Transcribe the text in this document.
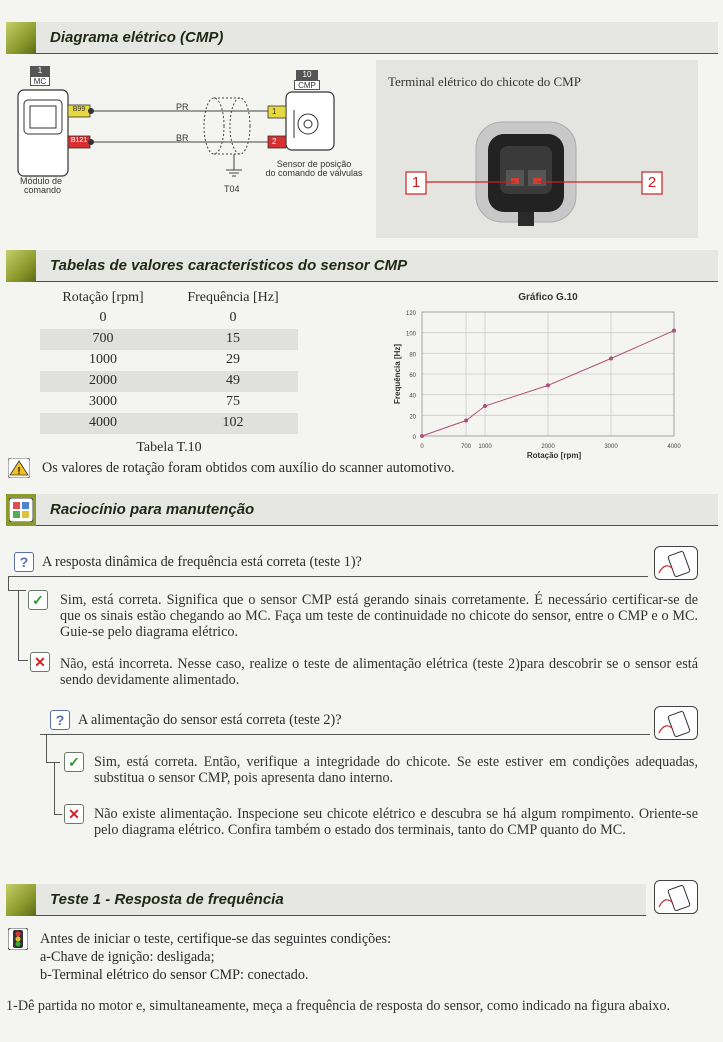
Diagrama elétrico (CMP)
1
MC
10
CMP
B99
B121
PR
BR
1
2
T04
Módulo de
comando
Sensor de posição
do comando de válvulas
Terminal elétrico do chicote do CMP
1	2
Tabelas de valores característicos do sensor CMP
Rotação [rpm]	Frequência [Hz]
0	0
700	15
1000	29
2000	49
3000	75
4000	102
Tabela T.10
Gráfico G.10
0
20
40
60
80
100
120
0	700 1000	2000	3000	4000
Rotação [rpm]
Frequência [Hz]
! Os valores de rotação foram obtidos com auxílio do scanner automotivo.
Raciocínio para manutenção
? A resposta dinâmica de frequência está correta (teste 1)?
✓ Sim, está correta. Significa que o sensor CMP está gerando sinais corretamente. É necessário certificar-se de que os sinais estão chegando ao MC. Faça um teste de continuidade no chicote do sensor, entre o CMP e o MC. Guie-se pelo diagrama elétrico.
✕ Não, está incorreta. Nesse caso, realize o teste de alimentação elétrica (teste 2)para descobrir se o sensor está sendo devidamente alimentado.
? A alimentação do sensor está correta (teste 2)?
✓ Sim, está correta. Então, verifique a integridade do chicote. Se este estiver em condições adequadas, substitua o sensor CMP, pois apresenta dano interno.
✕ Não existe alimentação. Inspecione seu chicote elétrico e descubra se há algum rompimento. Oriente-se pelo diagrama elétrico. Confira também o estado dos terminais, tanto do CMP quanto do MC.
Teste 1 - Resposta de frequência
Antes de iniciar o teste, certifique-se das seguintes condições:
a-Chave de ignição: desligada;
b-Terminal elétrico do sensor CMP: conectado.
1-Dê partida no motor e, simultaneamente, meça a frequência de resposta do sensor, como indicado na figura abaixo.
